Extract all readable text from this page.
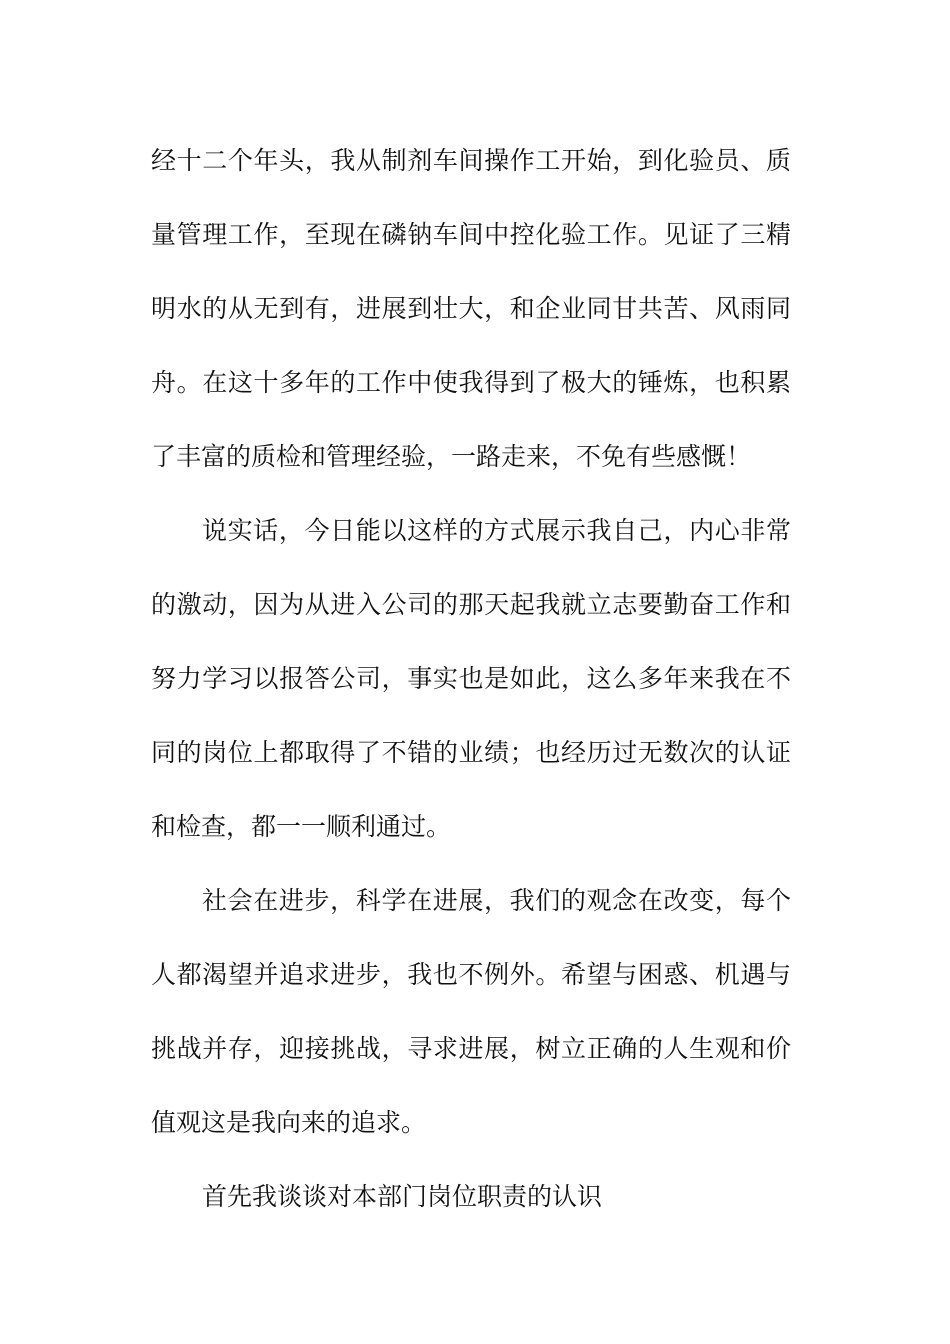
经十二个年头，我从制剂车间操作工开始，到化验员、质
量管理工作，至现在磷钠车间中控化验工作。见证了三精
明水的从无到有，进展到壮大，和企业同甘共苦、风雨同
舟。在这十多年的工作中使我得到了极大的锤炼，也积累
了丰富的质检和管理经验，一路走来，不免有些感慨！
说实话，今日能以这样的方式展示我自己，内心非常
的激动，因为从进入公司的那天起我就立志要勤奋工作和
努力学习以报答公司，事实也是如此，这么多年来我在不
同的岗位上都取得了不错的业绩；也经历过无数次的认证
和检查，都一一顺利通过。
社会在进步，科学在进展，我们的观念在改变，每个
人都渴望并追求进步，我也不例外。希望与困惑、机遇与
挑战并存，迎接挑战，寻求进展，树立正确的人生观和价
值观这是我向来的追求。
首先我谈谈对本部门岗位职责的认识
